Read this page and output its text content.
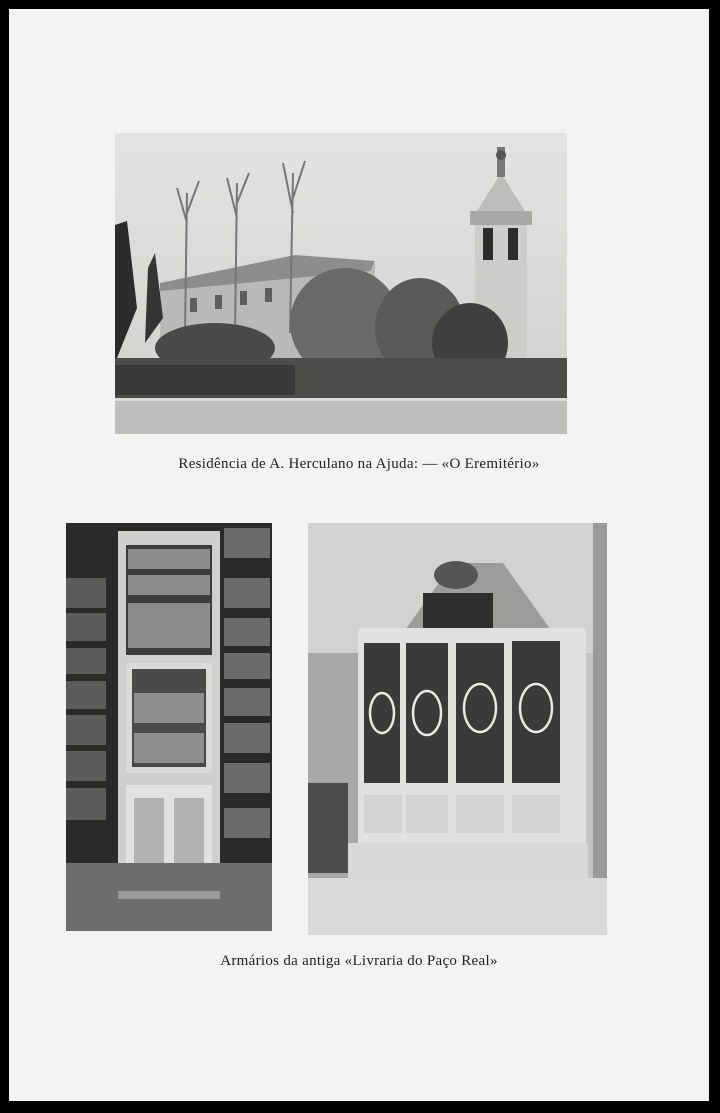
Residência de A. Herculano na Ajuda: — «O Eremitério»
Armários da antiga «Livraria do Paço Real»
